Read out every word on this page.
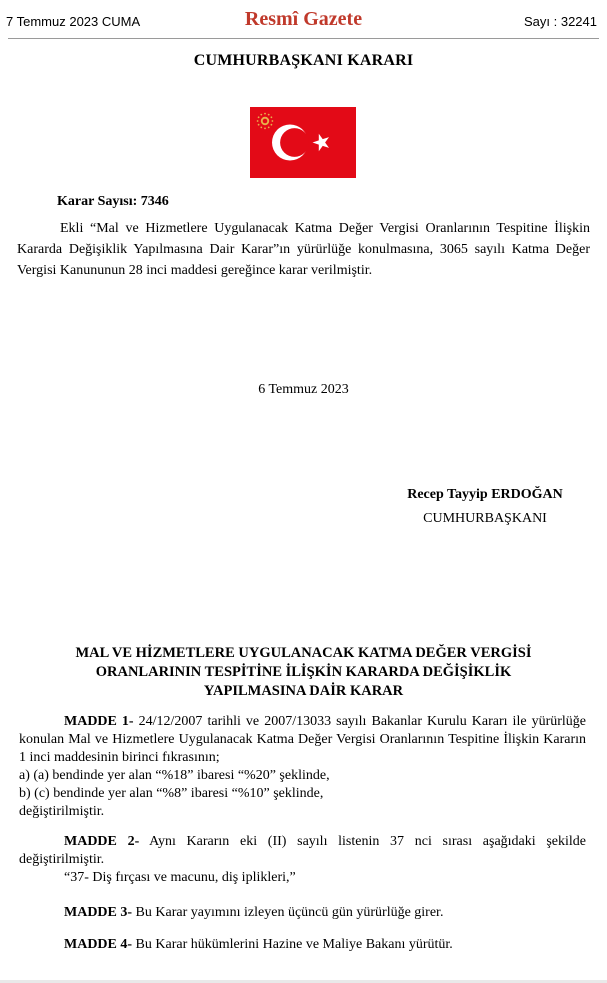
7 Temmuz 2023 CUMA	Resmî Gazete	Sayı : 32241
CUMHURBAŞKANI KARARI
Karar Sayısı: 7346

Ekli “Mal ve Hizmetlere Uygulanacak Katma Değer Vergisi Oranlarının Tespitine İlişkin Kararda Değişiklik Yapılmasına Dair Karar”ın yürürlüğe konulmasına, 3065 sayılı Katma Değer Vergisi Kanununun 28 inci maddesi gereğince karar verilmiştir.

6 Temmuz 2023
Recep Tayyip ERDOĞAN
CUMHURBAŞKANI
MAL VE HİZMETLERE UYGULANACAK KATMA DEĞER VERGİSİ
ORANLARININ TESPİTİNE İLİŞKİN KARARDA DEĞİŞİKLİK
YAPILMASINA DAİR KARAR

MADDE 1- 24/12/2007 tarihli ve 2007/13033 sayılı Bakanlar Kurulu Kararı ile yürürlüğe konulan Mal ve Hizmetlere Uygulanacak Katma Değer Vergisi Oranlarının Tespitine İlişkin Kararın 1 inci maddesinin birinci fıkrasının;

a) (a) bendinde yer alan “%18” ibaresi “%20” şeklinde,

b) (c) bendinde yer alan “%8” ibaresi “%10” şeklinde,

değiştirilmiştir.

MADDE 2- Aynı Kararın eki (II) sayılı listenin 37 nci sırası aşağıdaki şekilde değiştirilmiştir.

“37- Diş fırçası ve macunu, diş iplikleri,”

MADDE 3- Bu Karar yayımını izleyen üçüncü gün yürürlüğe girer.

MADDE 4- Bu Karar hükümlerini Hazine ve Maliye Bakanı yürütür.
